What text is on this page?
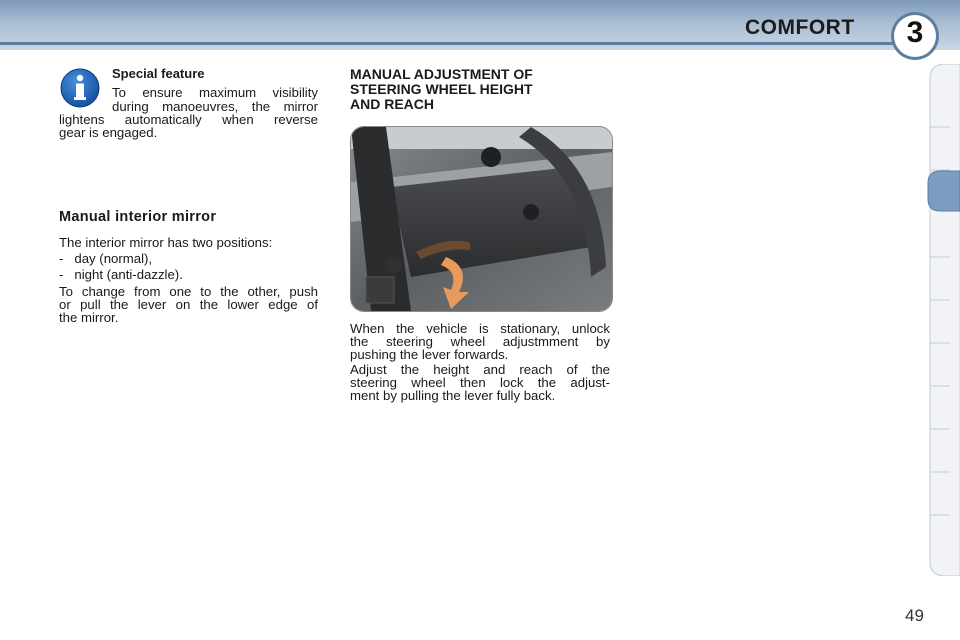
COMFORT	3
Special feature

To ensure maximum visibility

during manoeuvres, the mirror

lightens automatically when reverse

gear is engaged.

Manual interior mirror

The interior mirror has two positions:

-   day (normal),

-   night (anti-dazzle).

To change from one to the other, push

or pull the lever on the lower edge of

the mirror.

MANUAL ADJUSTMENT OF
STEERING WHEEL HEIGHT
AND REACH

When the vehicle is stationary, unlock

the steering wheel adjustmment by

pushing the lever forwards.

Adjust the height and reach of the

steering wheel then lock the adjust-

ment by pulling the lever fully back.

49
